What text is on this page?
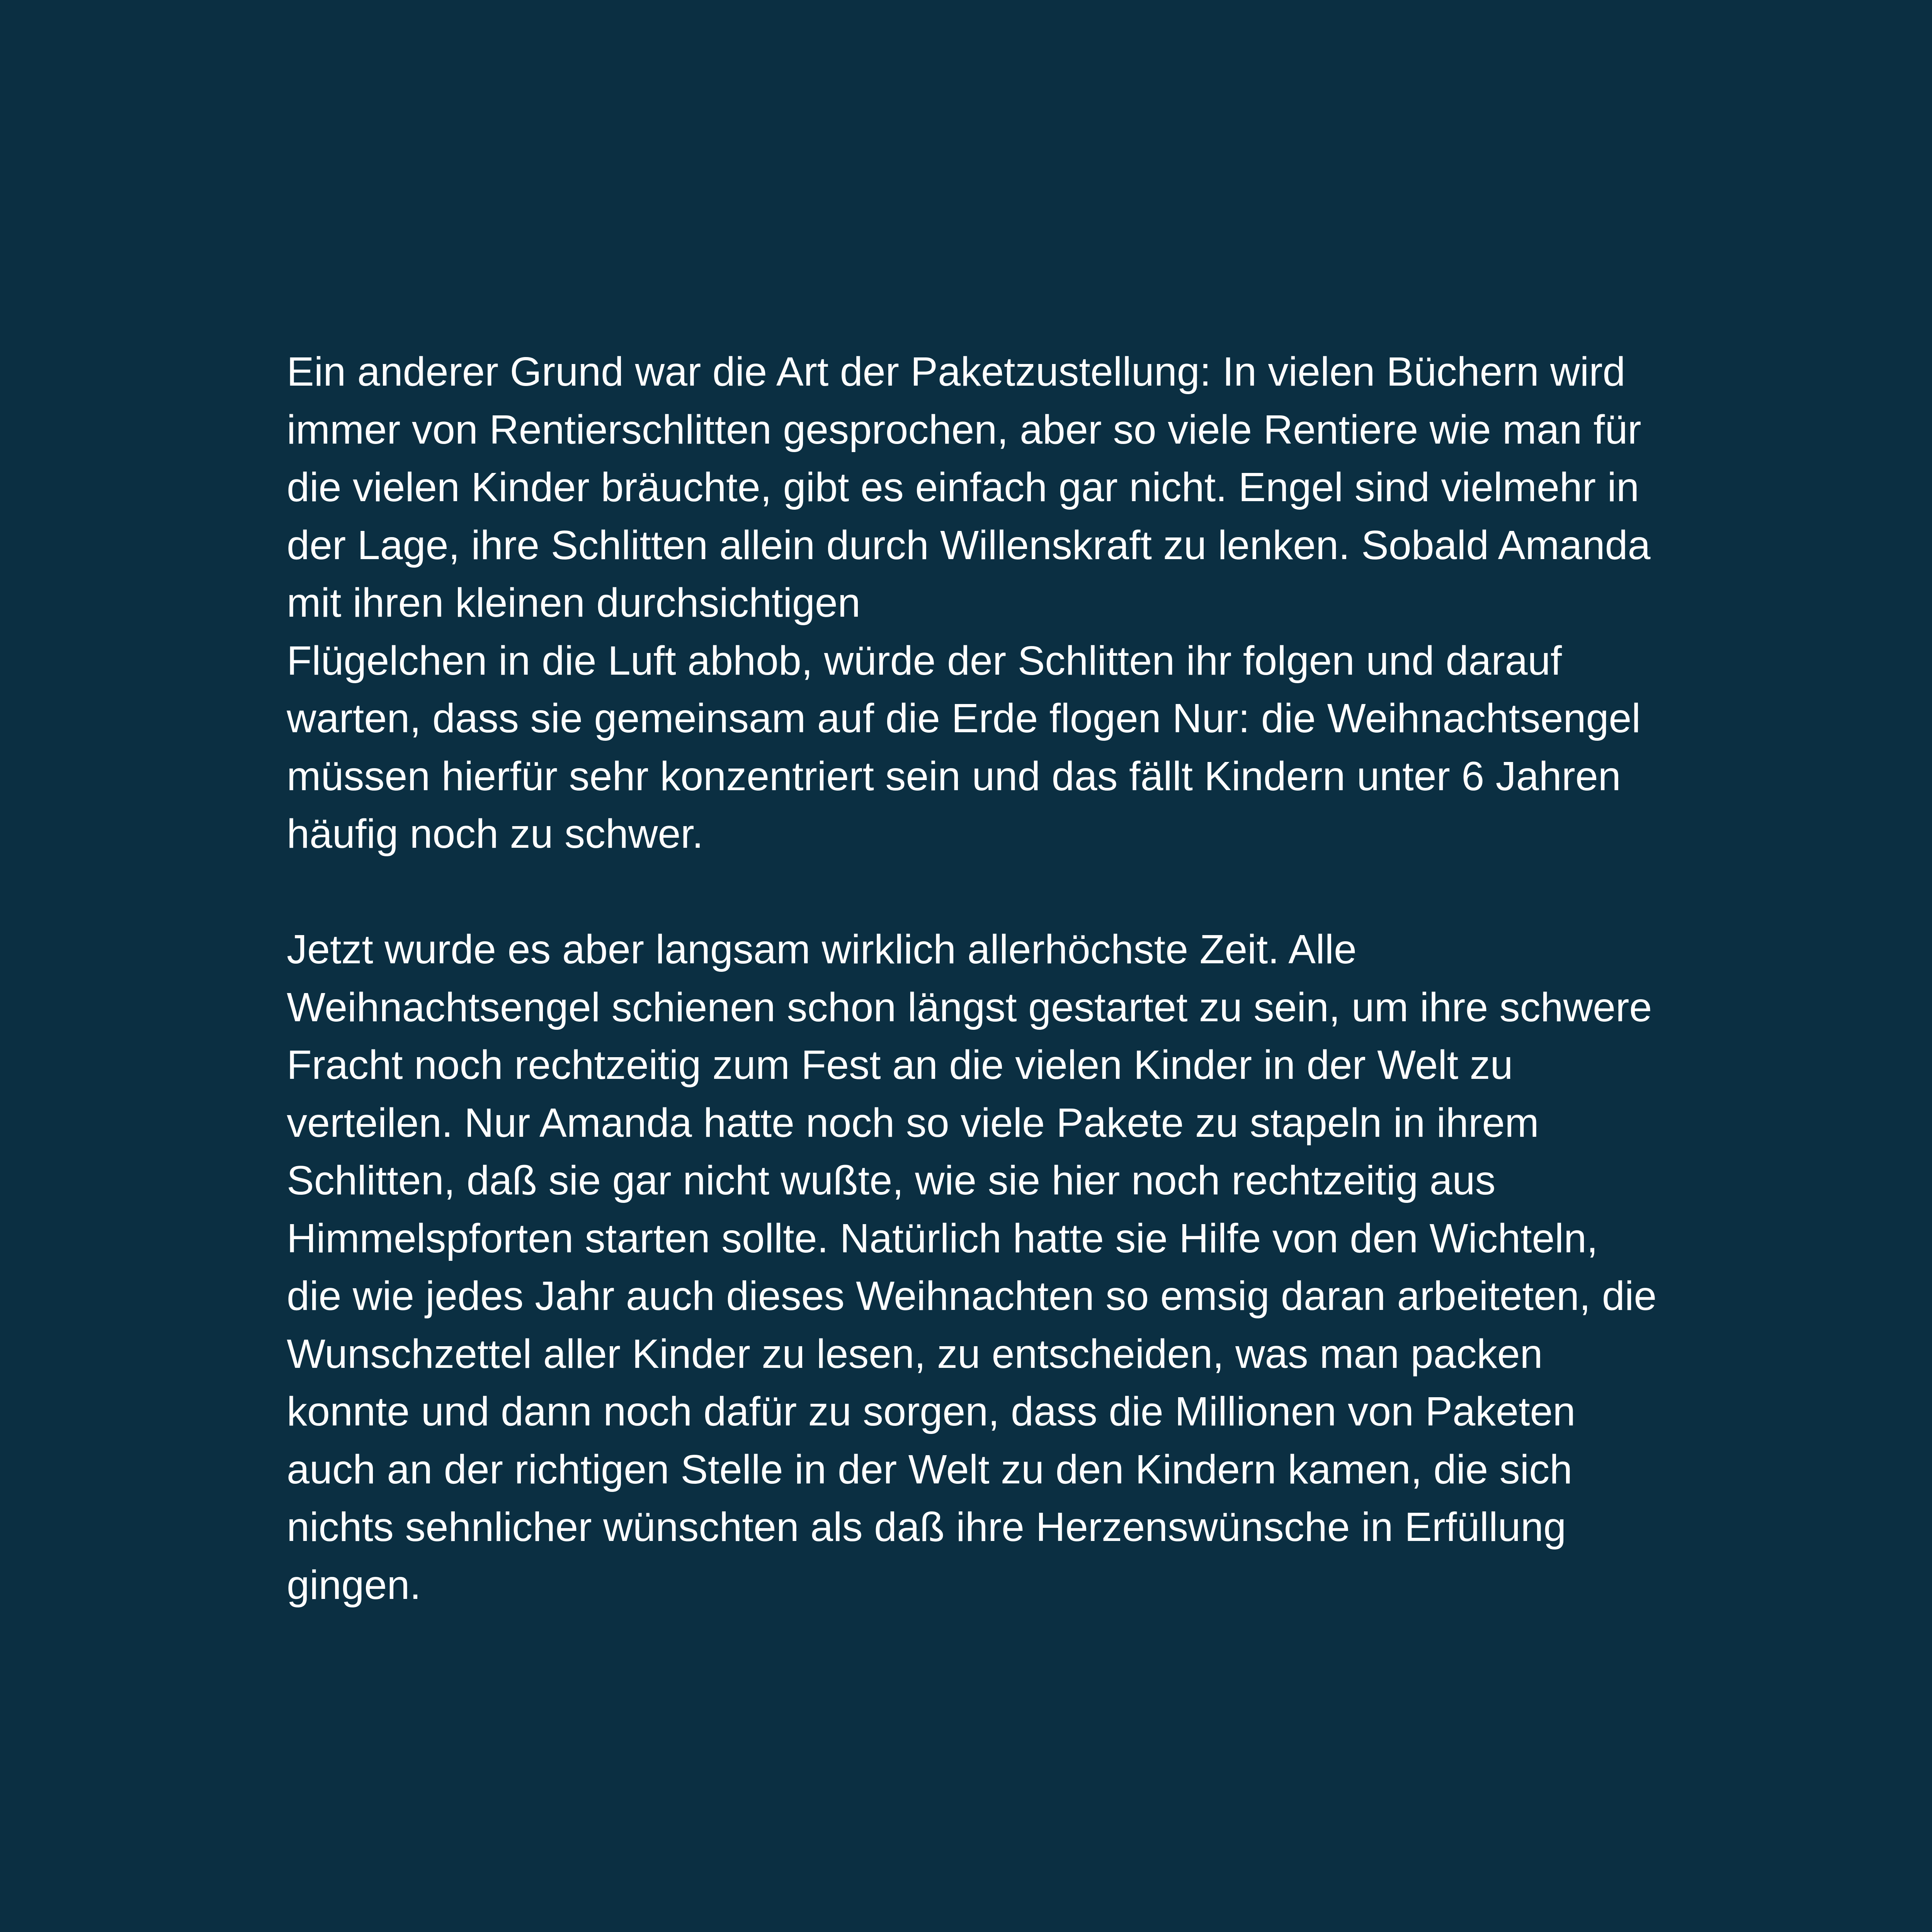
Ein anderer Grund war die Art der Paketzustellung: In vielen Büchern wird
immer von Rentierschlitten gesprochen, aber so viele Rentiere wie man für
die vielen Kinder bräuchte, gibt es einfach gar nicht. Engel sind vielmehr in
der Lage, ihre Schlitten allein durch Willenskraft zu lenken. Sobald Amanda
mit ihren kleinen durchsichtigen
Flügelchen in die Luft abhob, würde der Schlitten ihr folgen und darauf
warten, dass sie gemeinsam auf die Erde flogen Nur: die Weihnachtsengel
müssen hierfür sehr konzentriert sein und das fällt Kindern unter 6 Jahren
häufig noch zu schwer.
Jetzt wurde es aber langsam wirklich allerhöchste Zeit. Alle
Weihnachtsengel schienen schon längst gestartet zu sein, um ihre schwere
Fracht noch rechtzeitig zum Fest an die vielen Kinder in der Welt zu
verteilen. Nur Amanda hatte noch so viele Pakete zu stapeln in ihrem
Schlitten, daß sie gar nicht wußte, wie sie hier noch rechtzeitig aus
Himmelspforten starten sollte. Natürlich hatte sie Hilfe von den Wichteln,
die wie jedes Jahr auch dieses Weihnachten so emsig daran arbeiteten, die
Wunschzettel aller Kinder zu lesen, zu entscheiden, was man packen
konnte und dann noch dafür zu sorgen, dass die Millionen von Paketen
auch an der richtigen Stelle in der Welt zu den Kindern kamen, die sich
nichts sehnlicher wünschten als daß ihre Herzenswünsche in Erfüllung
gingen.
